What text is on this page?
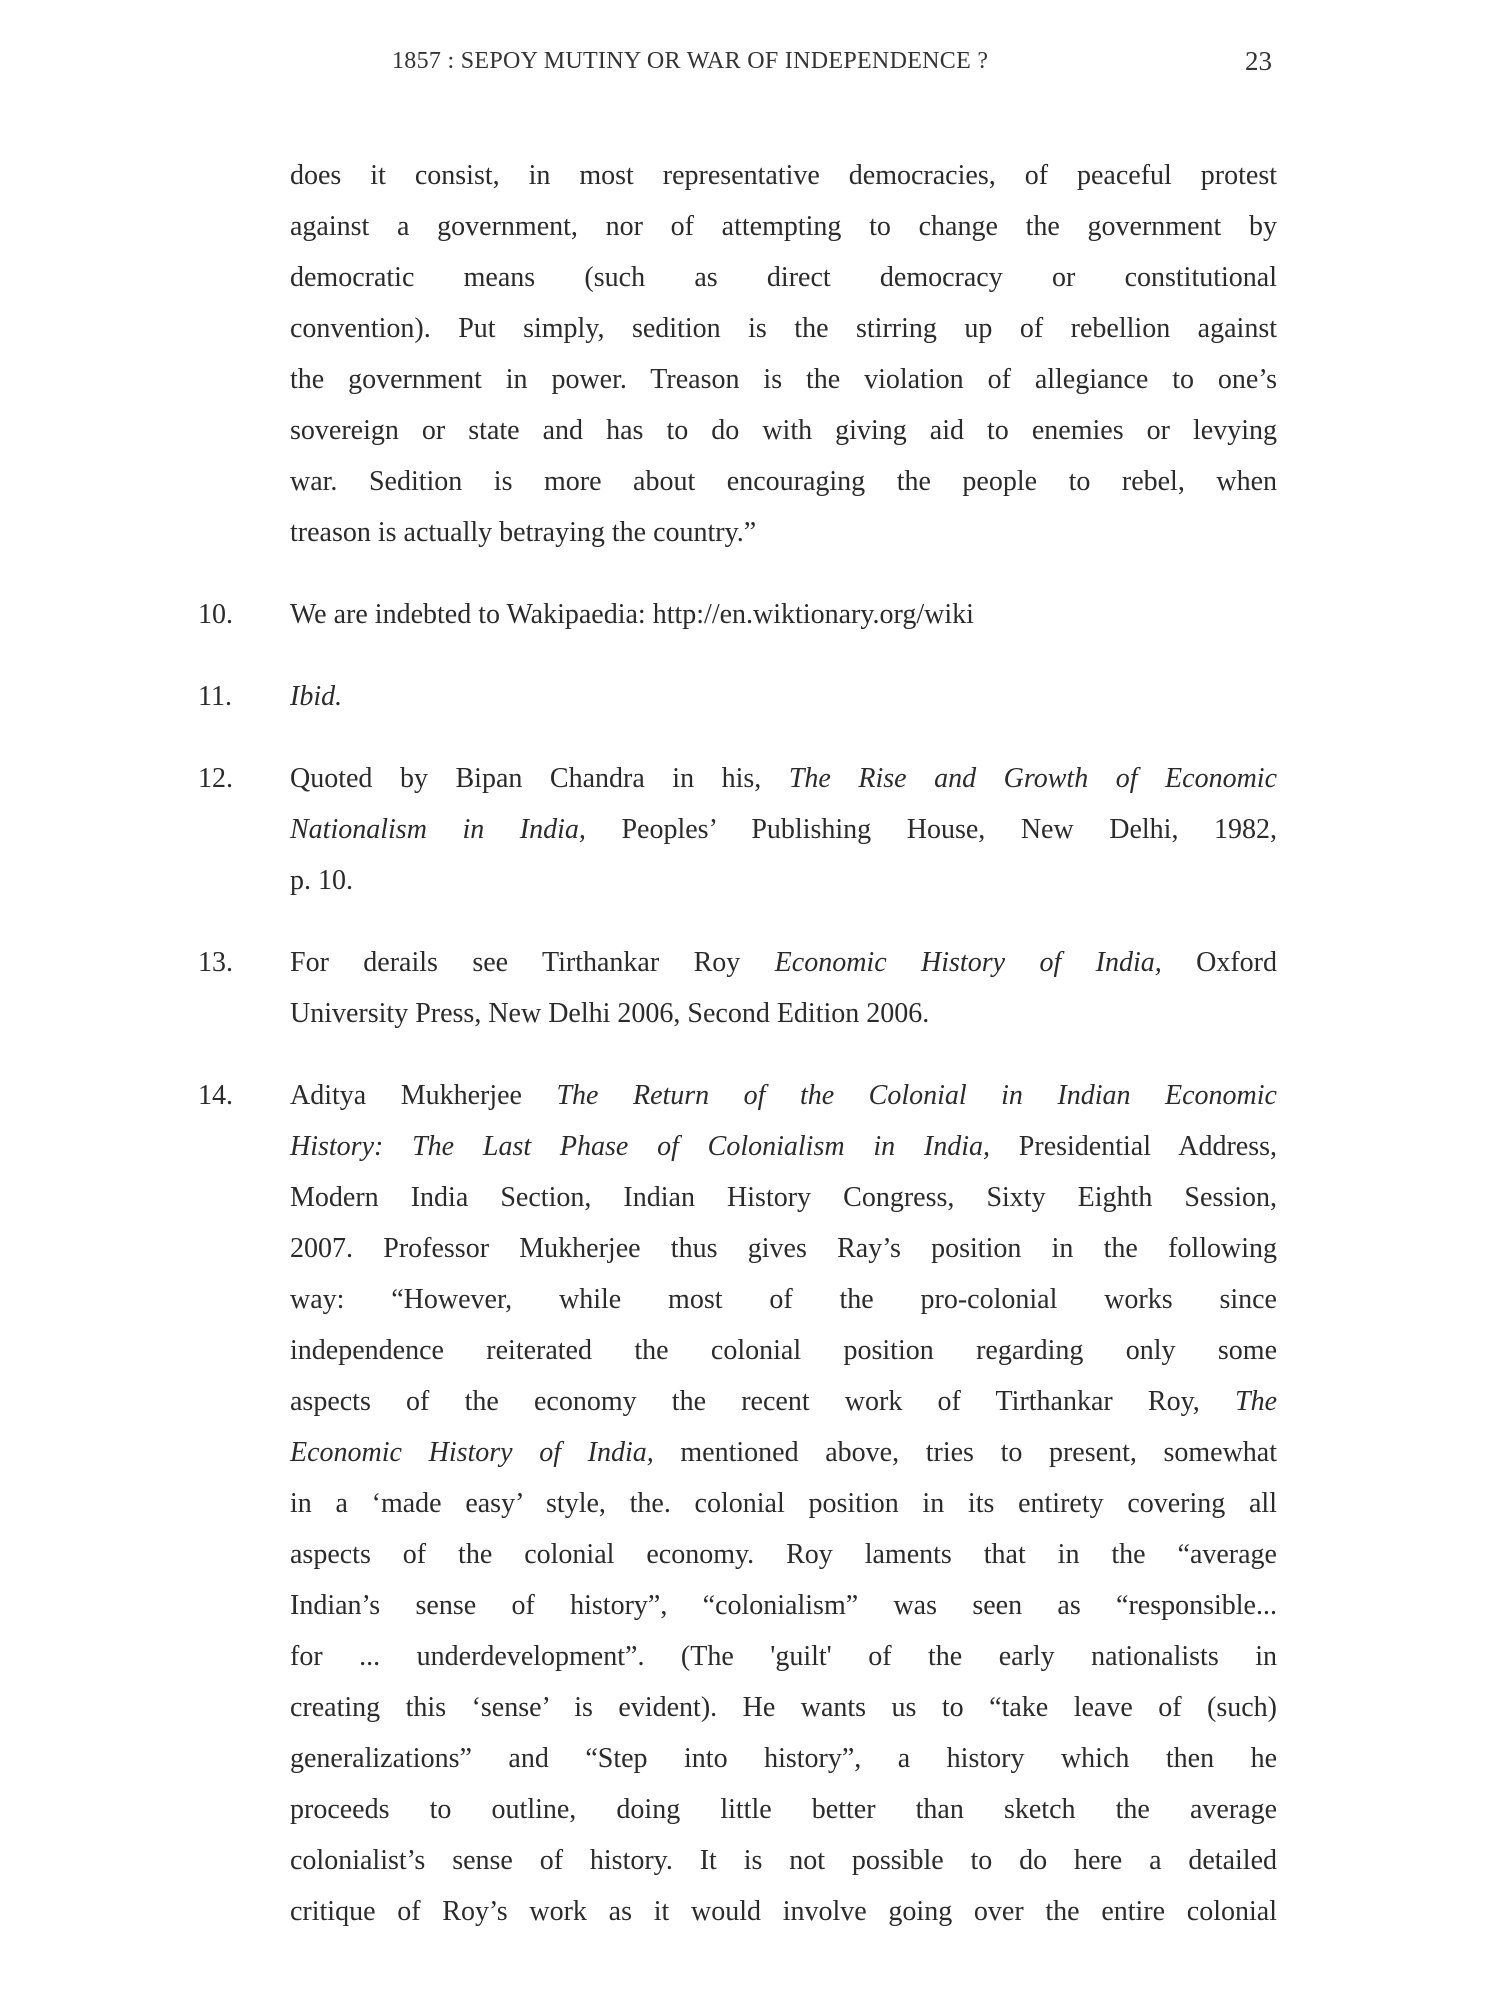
1857 : SEPOY MUTINY OR WAR OF INDEPENDENCE ?	23
does it consist, in most representative democracies, of peaceful protest
against a government, nor of attempting to change the government by
democratic means (such as direct democracy or constitutional
convention). Put simply, sedition is the stirring up of rebellion against
the government in power. Treason is the violation of allegiance to one’s
sovereign or state and has to do with giving aid to enemies or levying
war. Sedition is more about encouraging the people to rebel, when
treason is actually betraying the country.”
10. We are indebted to Wakipaedia: http://en.wiktionary.org/wiki
11. Ibid.
12. Quoted by Bipan Chandra in his, The Rise and Growth of Economic
Nationalism in India, Peoples’ Publishing House, New Delhi, 1982,
p. 10.
13. For derails see Tirthankar Roy Economic History of India, Oxford
University Press, New Delhi 2006, Second Edition 2006.
14. Aditya Mukherjee The Return of the Colonial in Indian Economic
History: The Last Phase of Colonialism in India, Presidential Address,
Modern India Section, Indian History Congress, Sixty Eighth Session,
2007. Professor Mukherjee thus gives Ray’s position in the following
way: “However, while most of the pro-colonial works since
independence reiterated the colonial position regarding only some
aspects of the economy the recent work of Tirthankar Roy, The
Economic History of India, mentioned above, tries to present, somewhat
in a ‘made easy’ style, the. colonial position in its entirety covering all
aspects of the colonial economy. Roy laments that in the “average
Indian’s sense of history”, “colonialism” was seen as “responsible...
for ... underdevelopment”. (The 'guilt' of the early nationalists in
creating this ‘sense’ is evident). He wants us to “take leave of (such)
generalizations” and “Step into history”, a history which then he
proceeds to outline, doing little better than sketch the average
colonialist’s sense of history. It is not possible to do here a detailed
critique of Roy’s work as it would involve going over the entire colonial
